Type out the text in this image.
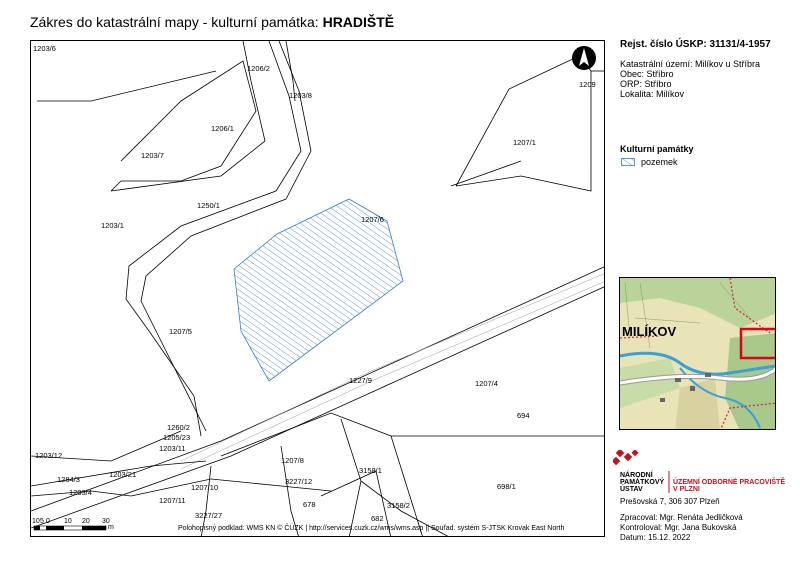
Zákres do katastrální mapy - kulturní památka: HRADIŠTĚ
1203/6
1206/2
1203/8
1209
1206/1
1207/1
1203/7
1250/1
1207/6
1203/1
1207/5
1227/9	1207/4
694
1260/2
1205/23
1203/11
1203/12
1207/8
3158/1
1284/3
1203/21
1203/4
1207/10
3227/12
698/1
1207/11	678	3158/2
3227/27	682
10 5 0 10 20 30
m	Polohopisný podklad: WMS KN © ČÚZK | http://services.cuzk.cz/wms/wms.asp || Souřad. systém S-JTSK Krovak East North
Rejst. číslo ÚSKP: 31131/4-1957
Katastrální území: Milíkov u Stříbra
Obec: Stříbro
ORP: Stříbro
Lokalita: Milíkov
Kulturní památky
pozemek
MILÍKOV
NÁRODNÍ
PAMÁTKOVÝ
ÚSTAV
ÚZEMNÍ ODBORNÉ PRACOVIŠTĚ
V PLZNI
Prešovská 7, 306 307 Plzeň
Zpracoval: Mgr. Renáta Jedličková
Kontroloval: Mgr. Jana Bukovská
Datum: 15.12. 2022
